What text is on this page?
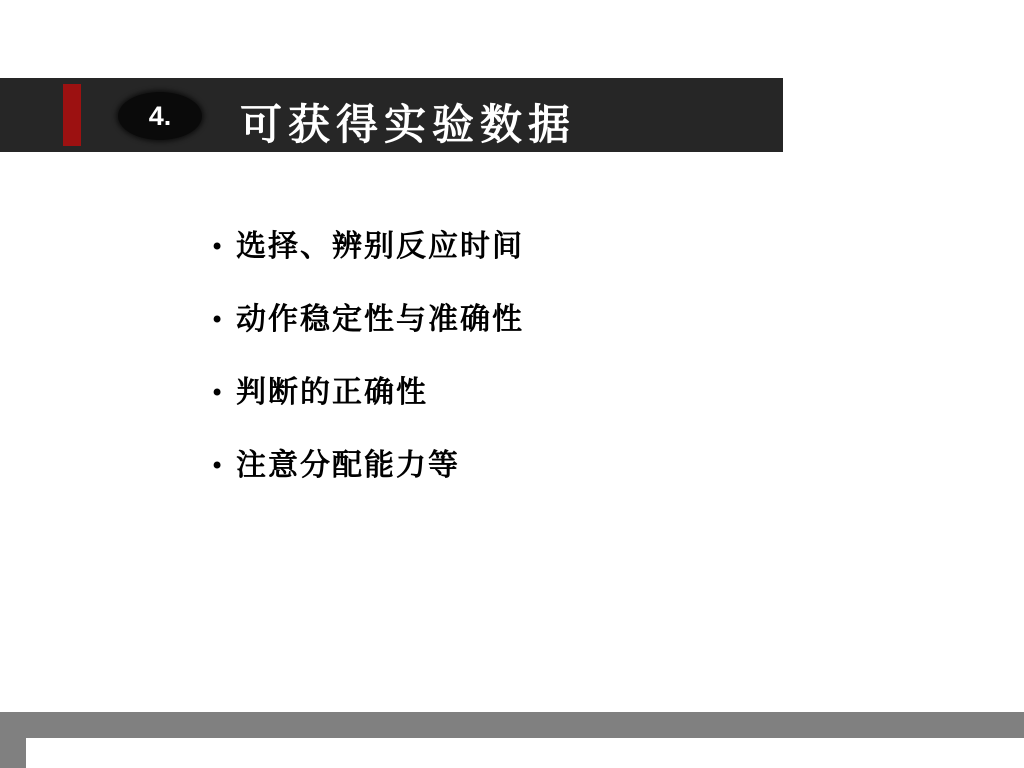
4.	可获得实验数据
• 选择、辨别反应时间
• 动作稳定性与准确性
• 判断的正确性
• 注意分配能力等
